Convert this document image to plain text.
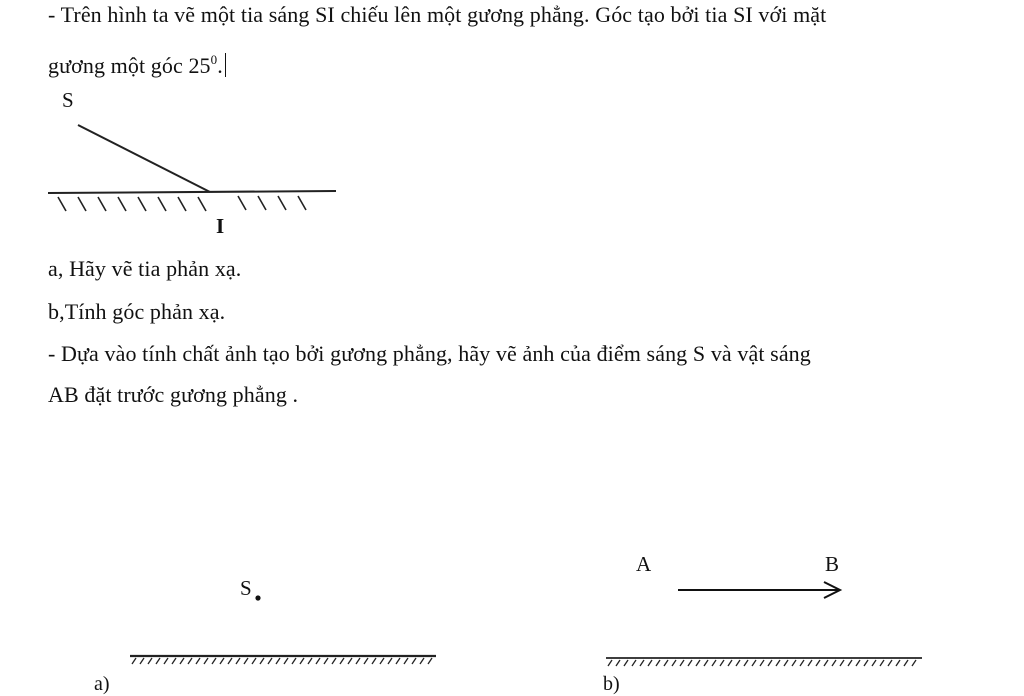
- Trên hình ta vẽ một tia sáng SI chiếu lên một gương phẳng. Góc tạo bởi tia SI với mặt
gương một góc $25^0$.
S
I
a, Hãy vẽ tia phản xạ.
b,Tính góc phản xạ.
- Dựa vào tính chất ảnh tạo bởi gương phẳng, hãy vẽ ảnh của điểm sáng S và vật sáng
AB đặt trước gương phẳng .
S
a)
A	B
b)
